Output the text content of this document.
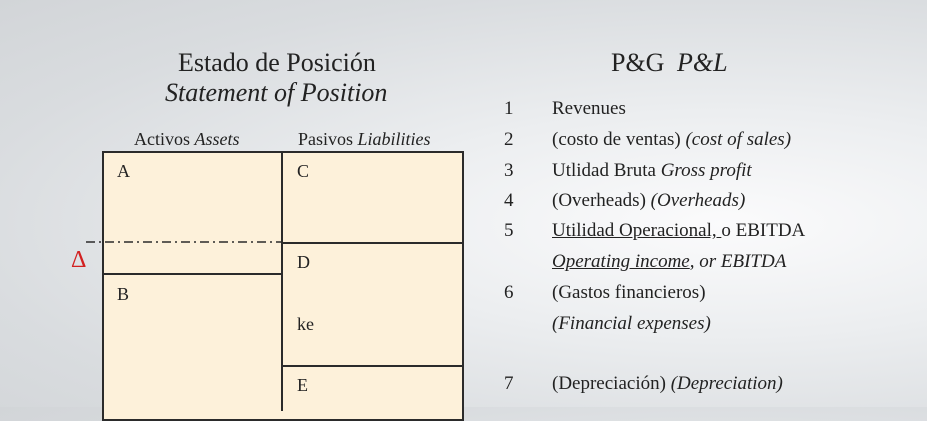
Estado de Posición
Statement of Position
Activos Assets	Pasivos Liabilities
A
B
C
D
ke
E
Δ
P&G P&L
1 Revenues
2 (costo de ventas) (cost of sales)
3 Utlidad Bruta Gross profit
4 (Overheads) (Overheads)
5 Utilidad Operacional, o EBITDA
Operating income, or EBITDA
6 (Gastos financieros)
(Financial expenses)
7 (Depreciación) (Depreciation)
